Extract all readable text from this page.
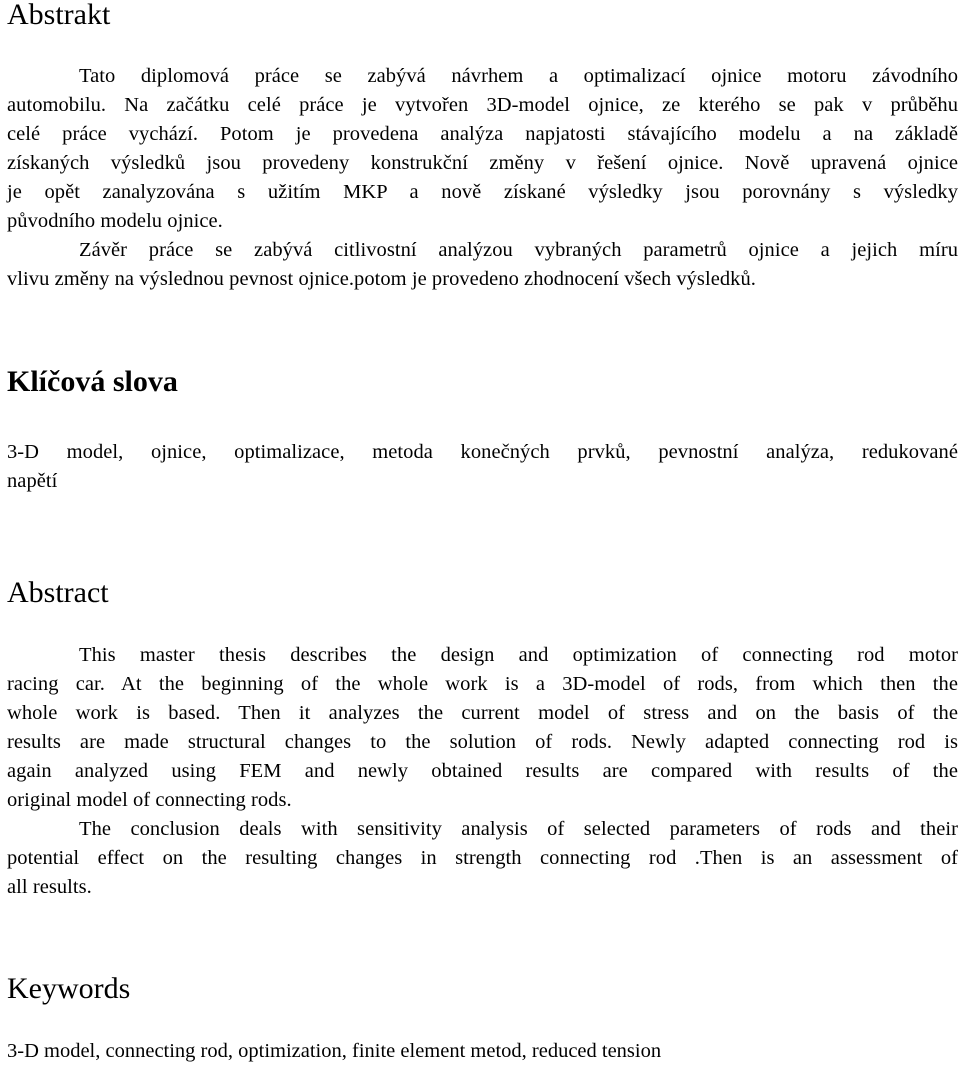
Abstrakt
Tato diplomová práce se zabývá návrhem a optimalizací ojnice motoru závodního
automobilu. Na začátku celé práce je vytvořen 3D-model ojnice, ze kterého se pak v průběhu
celé práce vychází. Potom je provedena analýza napjatosti stávajícího modelu a na základě
získaných výsledků jsou provedeny konstrukční změny v řešení ojnice. Nově upravená ojnice
je opět zanalyzována s užitím MKP a nově získané výsledky jsou porovnány s výsledky
původního modelu ojnice.
Závěr práce se zabývá citlivostní analýzou vybraných parametrů ojnice a jejich míru
vlivu změny na výslednou pevnost ojnice.potom je provedeno zhodnocení všech výsledků.
Klíčová slova
3-D model, ojnice, optimalizace, metoda konečných prvků, pevnostní analýza, redukované
napětí
Abstract
This master thesis describes the design and optimization of connecting rod motor
racing car. At the beginning of the whole work is a 3D-model of rods, from which then the
whole work is based. Then it analyzes the current model of stress and on the basis of the
results are made structural changes to the solution of rods. Newly adapted connecting rod is
again analyzed using FEM and newly obtained results are compared with results of the
original model of connecting rods.
The conclusion deals with sensitivity analysis of selected parameters of rods and their
potential effect on the resulting changes in strength connecting rod .Then is an assessment of
all results.
Keywords

3-D model, connecting rod, optimization, finite element metod, reduced tension
